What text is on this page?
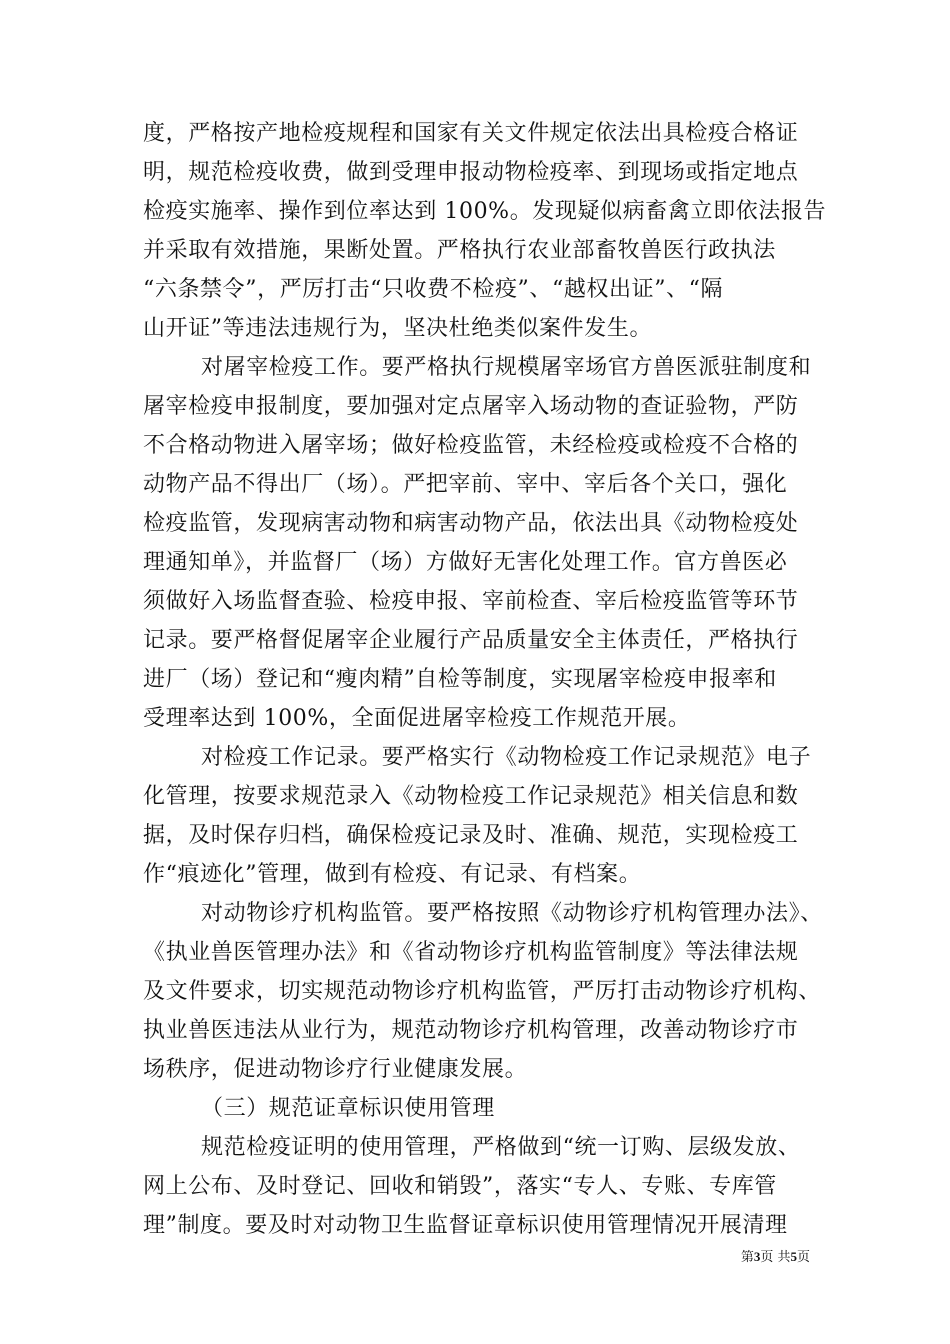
度，严格按产地检疫规程和国家有关文件规定依法出具检疫合格证
明，规范检疫收费，做到受理申报动物检疫率、到现场或指定地点
检疫实施率、操作到位率达到 100%。发现疑似病畜禽立即依法报告
并采取有效措施，果断处置。严格执行农业部畜牧兽医行政执法
“六条禁令”，严厉打击“只收费不检疫”、“越权出证”、“隔
山开证”等违法违规行为，坚决杜绝类似案件发生。
对屠宰检疫工作。要严格执行规模屠宰场官方兽医派驻制度和
屠宰检疫申报制度，要加强对定点屠宰入场动物的查证验物，严防
不合格动物进入屠宰场；做好检疫监管，未经检疫或检疫不合格的
动物产品不得出厂（场）。严把宰前、宰中、宰后各个关口，强化
检疫监管，发现病害动物和病害动物产品，依法出具《动物检疫处
理通知单》，并监督厂（场）方做好无害化处理工作。官方兽医必
须做好入场监督查验、检疫申报、宰前检查、宰后检疫监管等环节
记录。要严格督促屠宰企业履行产品质量安全主体责任，严格执行
进厂（场）登记和“瘦肉精”自检等制度，实现屠宰检疫申报率和
受理率达到 100%，全面促进屠宰检疫工作规范开展。
对检疫工作记录。要严格实行《动物检疫工作记录规范》电子
化管理，按要求规范录入《动物检疫工作记录规范》相关信息和数
据，及时保存归档，确保检疫记录及时、准确、规范，实现检疫工
作“痕迹化”管理，做到有检疫、有记录、有档案。
对动物诊疗机构监管。要严格按照《动物诊疗机构管理办法》、
《执业兽医管理办法》和《省动物诊疗机构监管制度》等法律法规
及文件要求，切实规范动物诊疗机构监管，严厉打击动物诊疗机构、
执业兽医违法从业行为，规范动物诊疗机构管理，改善动物诊疗市
场秩序，促进动物诊疗行业健康发展。
（三）规范证章标识使用管理
规范检疫证明的使用管理，严格做到“统一订购、层级发放、
网上公布、及时登记、回收和销毁”，落实“专人、专账、专库管
理”制度。要及时对动物卫生监督证章标识使用管理情况开展清理
第3页 共5页
